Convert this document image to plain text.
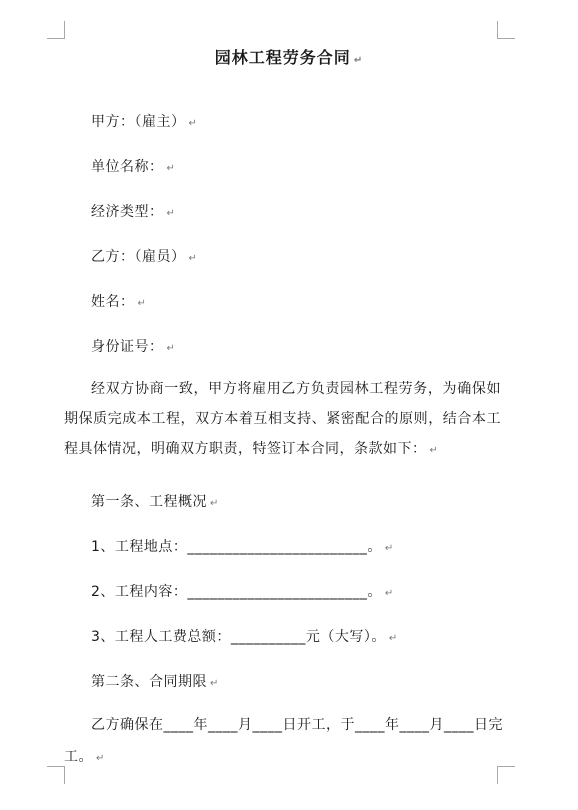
园林工程劳务合同 ↵
甲方：（雇主） ↵
单位名称： ↵
经济类型： ↵
乙方：（雇员） ↵
姓名： ↵
身份证号： ↵
经双方协商一致，甲方将雇用乙方负责园林工程劳务，为确保如期保质完成本工程，双方本着互相支持、紧密配合的原则，结合本工程具体情况，明确双方职责，特签订本合同，条款如下： ↵
第一条、工程概况 ↵
1、工程地点：________________________。 ↵
2、工程内容：________________________。 ↵
3、工程人工费总额：__________元（大写）。 ↵
第二条、合同期限 ↵
乙方确保在____年____月____日开工，于____年____月____日完工。 ↵
